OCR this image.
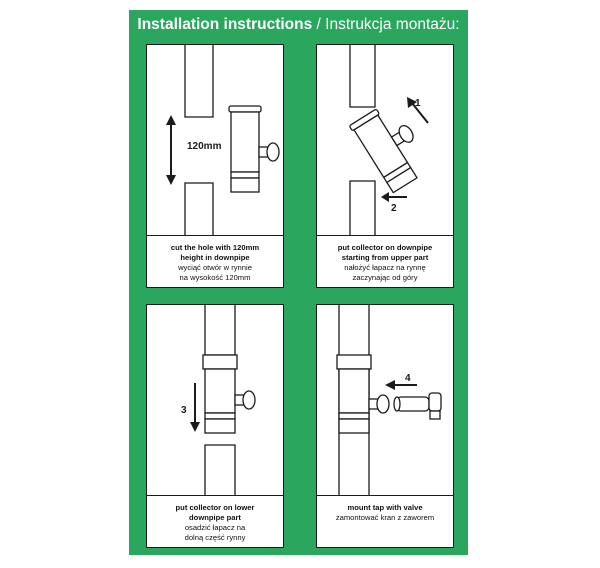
Installation instructions / Instrukcja montażu:
120mm
cut the hole with 120mm
height in downpipe
wyciąć otwór w rynnie
na wysokość 120mm
1
2
put collector on downpipe
starting from upper part
nałożyć łapacz na rynnę
zaczynając od góry
3
put collector on lower
downpipe part
osadzić łapacz na
dolną część rynny
4
mount tap with valve
zamontować kran z zaworem
